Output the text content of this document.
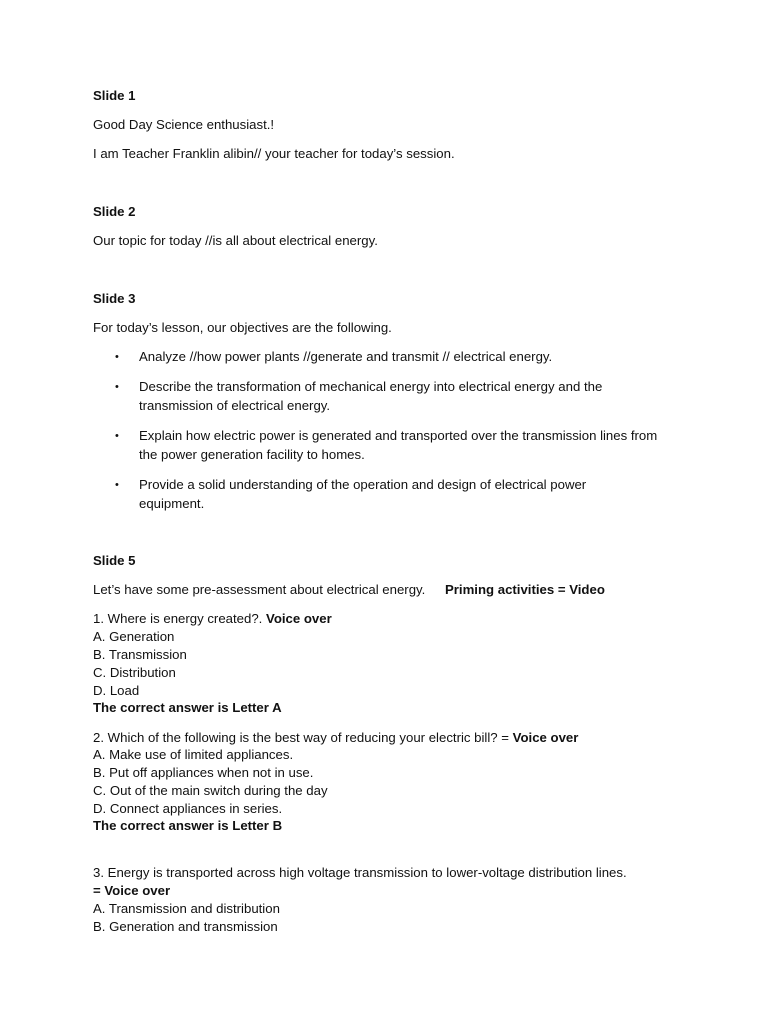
Slide 1
Good Day Science enthusiast.!
I am Teacher Franklin alibin// your teacher for today’s session.
Slide 2
Our topic for today //is all about electrical energy.
Slide 3
For today’s lesson, our objectives are the following.
• Analyze //how power plants //generate and transmit // electrical energy.
• Describe the transformation of mechanical energy into electrical energy and the transmission of electrical energy.
• Explain how electric power is generated and transported over the transmission lines from the power generation facility to homes.
• Provide a solid understanding of the operation and design of electrical power equipment.
Slide 5
Let’s have some pre-assessment about electrical energy. Priming activities = Video
1. Where is energy created?. Voice over
A. Generation
B. Transmission
C. Distribution
D. Load
The correct answer is Letter A
2. Which of the following is the best way of reducing your electric bill? = Voice over
A. Make use of limited appliances.
B. Put off appliances when not in use.
C. Out of the main switch during the day
D. Connect appliances in series.
The correct answer is Letter B
3. Energy is transported across high voltage transmission to lower-voltage distribution lines.
= Voice over
A. Transmission and distribution
B. Generation and transmission
